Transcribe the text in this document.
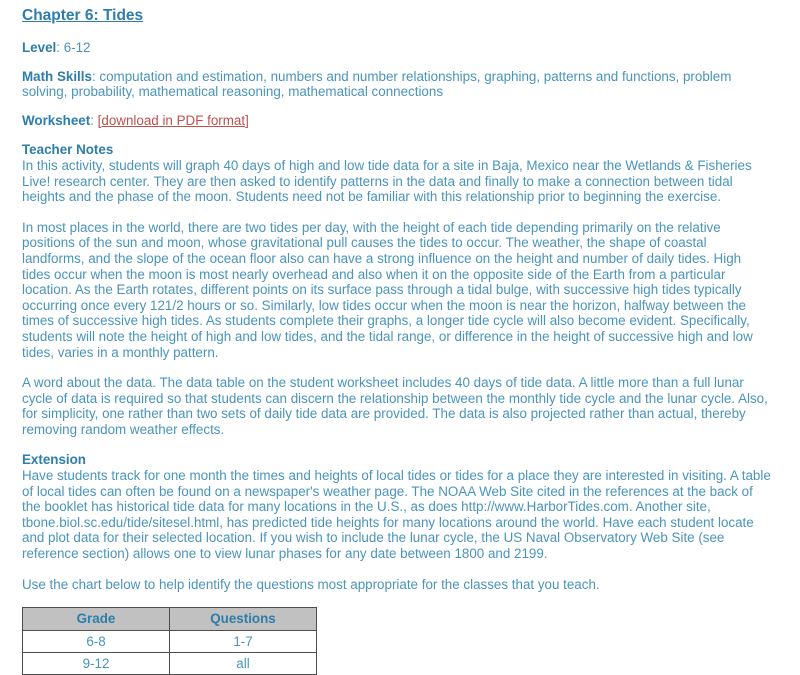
Chapter 6: Tides
Level: 6-12
Math Skills: computation and estimation, numbers and number relationships, graphing, patterns and functions, problem solving, probability, mathematical reasoning, mathematical connections
Worksheet: [download in PDF format]
Teacher Notes

In this activity, students will graph 40 days of high and low tide data for a site in Baja, Mexico near the Wetlands & Fisheries Live! research center. They are then asked to identify patterns in the data and finally to make a connection between tidal heights and the phase of the moon. Students need not be familiar with this relationship prior to beginning the exercise.

In most places in the world, there are two tides per day, with the height of each tide depending primarily on the relative positions of the sun and moon, whose gravitational pull causes the tides to occur. The weather, the shape of coastal landforms, and the slope of the ocean floor also can have a strong influence on the height and number of daily tides. High tides occur when the moon is most nearly overhead and also when it on the opposite side of the Earth from a particular location. As the Earth rotates, different points on its surface pass through a tidal bulge, with successive high tides typically occurring once every 121/2 hours or so. Similarly, low tides occur when the moon is near the horizon, halfway between the times of successive high tides. As students complete their graphs, a longer tide cycle will also become evident. Specifically, students will note the height of high and low tides, and the tidal range, or difference in the height of successive high and low tides, varies in a monthly pattern.

A word about the data. The data table on the student worksheet includes 40 days of tide data. A little more than a full lunar cycle of data is required so that students can discern the relationship between the monthly tide cycle and the lunar cycle. Also, for simplicity, one rather than two sets of daily tide data are provided. The data is also projected rather than actual, thereby removing random weather effects.

Extension

Have students track for one month the times and heights of local tides or tides for a place they are interested in visiting. A table of local tides can often be found on a newspaper's weather page. The NOAA Web Site cited in the references at the back of the booklet has historical tide data for many locations in the U.S., as does http://www.HarborTides.com. Another site, tbone.biol.sc.edu/tide/sitesel.html, has predicted tide heights for many locations around the world. Have each student locate and plot data for their selected location. If you wish to include the lunar cycle, the US Naval Observatory Web Site (see reference section) allows one to view lunar phases for any date between 1800 and 2199.

Use the chart below to help identify the questions most appropriate for the classes that you teach.

Grade	Questions
6-8	1-7
9-12	all
